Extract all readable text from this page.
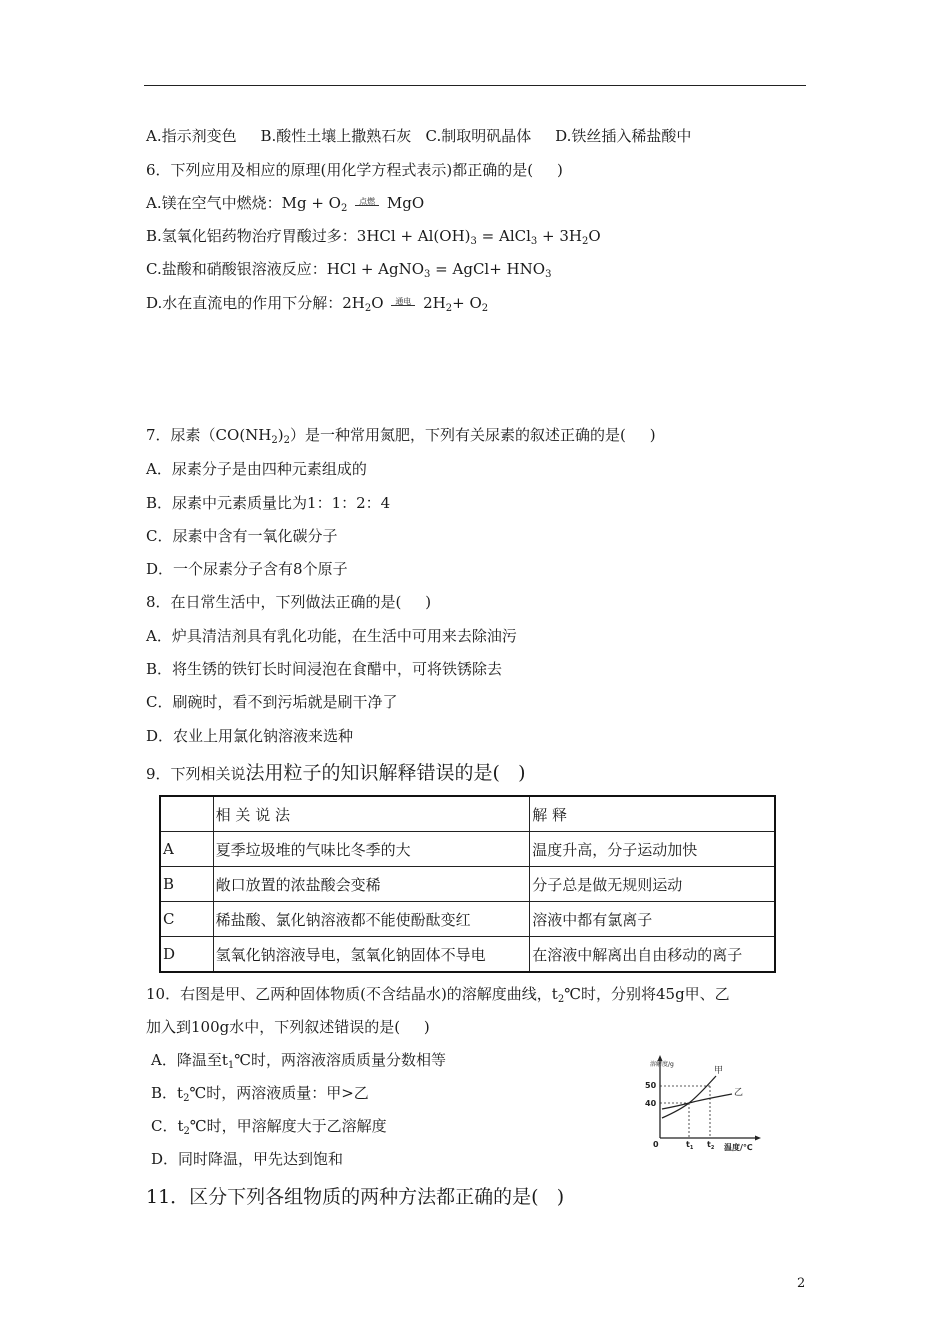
A.指示剂变色     B.酸性土壤上撒熟石灰   C.制取明矾晶体     D.铁丝插入稀盐酸中
6．下列应用及相应的原理(用化学方程式表示)都正确的是(     )
A.镁在空气中燃烧：$Mg + O_2$
点燃 MgO
B.氢氧化铝药物治疗胃酸过多：$3HCl + Al(OH)_3$ = AlCl$_3$ + $3H_2O$
C.盐酸和硝酸银溶液反应：HCl + AgNO$_3$ = AgCl+ $HNO_3$
D.水在直流电的作用下分解：$2H_2O$	通电 $2H_2+ O_2$
7．尿素$(CO(NH_2)_2)$是一种常用氮肥，下列有关尿素的叙述正确的是(     )
A．尿素分子是由四种元素组成的
B．尿素中元素质量比为1：1：2：4
C．尿素中含有一氧化碳分子
D．一个尿素分子含有8个原子
8．在日常生活中，下列做法正确的是(     )
A．炉具清洁剂具有乳化功能，在生活中可用来去除油污
B．将生锈的铁钉长时间浸泡在食醋中，可将铁锈除去
C．刷碗时，看不到污垢就是刷干净了
D．农业上用氯化钠溶液来选种
9．下列相关说法用粒子的知识解释错误的是(   )
	相 关 说 法	解 释
A	夏季垃圾堆的气味比冬季的大	温度升高，分子运动加快
B	敞口放置的浓盐酸会变稀	分子总是做无规则运动
C	稀盐酸、氯化钠溶液都不能使酚酞变红	溶液中都有氯离子
D	氢氧化钠溶液导电，氢氧化钠固体不导电	在溶液中解离出自由移动的离子
10．右图是甲、乙两种固体物质(不含结晶水)的溶解度曲线，$t_2℃$时，分别将45g甲、乙
加入到100g水中，下列叙述错误的是(     )
A．降温至$t_1℃$时，两溶液溶质质量分数相等
B．$t_2℃$时，两溶液质量：甲>乙
C．$t_2℃$时，甲溶解度大于乙溶解度
D．同时降温，甲先达到饱和
溶解度/g
温度/℃
0
40
50
$t_1$ $t_2$
甲
乙
11．区分下列各组物质的两种方法都正确的是(   )
2
